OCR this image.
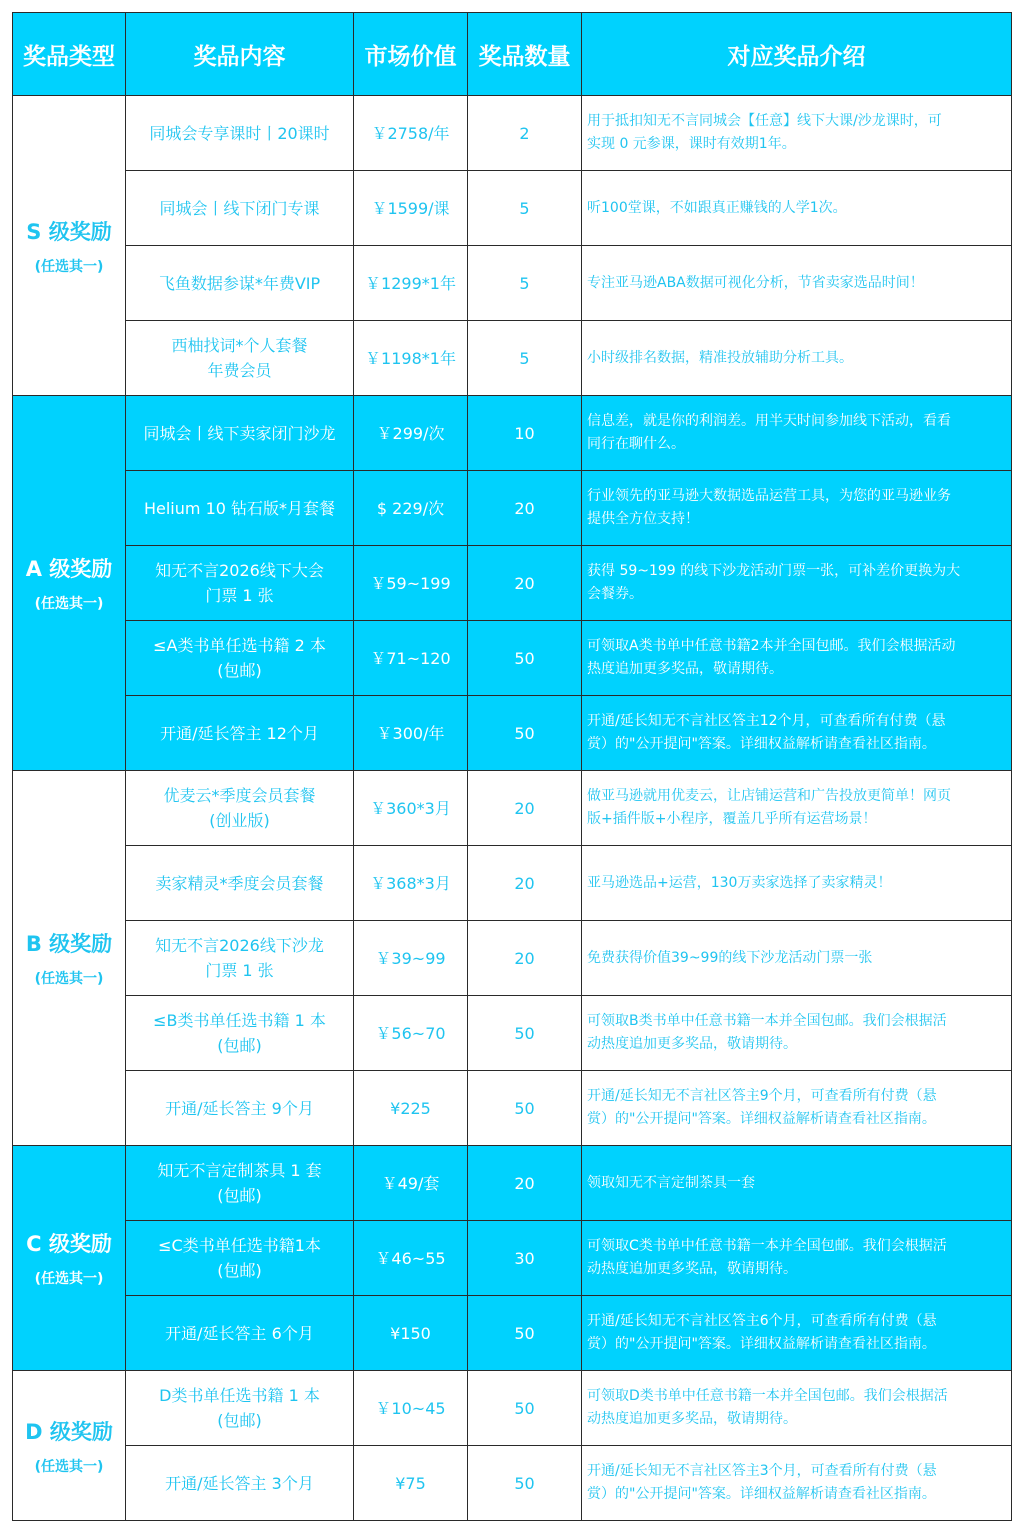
奖品类型	奖品内容	市场价值	奖品数量	对应奖品介绍

S 级奖励
(任选其一)	同城会专享课时丨20课时	￥2758/年	2	用于抵扣知无不言同城会【任意】线下大课/沙龙课时，可
实现 0 元参课，课时有效期1年。

	同城会丨线下闭门专课	￥1599/课	5	听100堂课，不如跟真正赚钱的人学1次。

	飞鱼数据参谋*年费VIP	￥1299*1年	5	专注亚马逊ABA数据可视化分析，节省卖家选品时间！

	西柚找词*个人套餐
年费会员	￥1198*1年	5	小时级排名数据，精准投放辅助分析工具。

A 级奖励
(任选其一)	同城会丨线下卖家闭门沙龙	￥299/次	10	信息差，就是你的利润差。用半天时间参加线下活动，看看
同行在聊什么。

	Helium 10 钻石版*月套餐	$ 229/次	20	行业领先的亚马逊大数据选品运营工具，为您的亚马逊业务
提供全方位支持！

	知无不言2026线下大会
门票 1 张	￥59~199	20	获得 59~199 的线下沙龙活动门票一张，可补差价更换为大
会餐券。

	≤A类书单任选书籍 2 本
(包邮)	￥71~120	50	可领取A类书单中任意书籍2本并全国包邮。我们会根据活动
热度追加更多奖品，敬请期待。

	开通/延长答主 12个月	￥300/年	50	开通/延长知无不言社区答主12个月，可查看所有付费（悬
赏）的"公开提问"答案。详细权益解析请查看社区指南。

B 级奖励
(任选其一)	优麦云*季度会员套餐
(创业版)	￥360*3月	20	做亚马逊就用优麦云，让店铺运营和广告投放更简单！网页
版+插件版+小程序，覆盖几乎所有运营场景！

	卖家精灵*季度会员套餐	￥368*3月	20	亚马逊选品+运营，130万卖家选择了卖家精灵！

	知无不言2026线下沙龙
门票 1 张	￥39~99	20	免费获得价值39~99的线下沙龙活动门票一张

	≤B类书单任选书籍 1 本
(包邮)	￥56~70	50	可领取B类书单中任意书籍一本并全国包邮。我们会根据活
动热度追加更多奖品，敬请期待。

	开通/延长答主 9个月	¥225	50	开通/延长知无不言社区答主9个月，可查看所有付费（悬
赏）的"公开提问"答案。详细权益解析请查看社区指南。

C 级奖励
(任选其一)	知无不言定制茶具 1 套
(包邮)	￥49/套	20	领取知无不言定制茶具一套

	≤C类书单任选书籍1本
(包邮)	￥46~55	30	可领取C类书单中任意书籍一本并全国包邮。我们会根据活
动热度追加更多奖品，敬请期待。

	开通/延长答主 6个月	¥150	50	开通/延长知无不言社区答主6个月，可查看所有付费（悬
赏）的"公开提问"答案。详细权益解析请查看社区指南。

D 级奖励
(任选其一)	D类书单任选书籍 1 本
(包邮)	￥10~45	50	可领取D类书单中任意书籍一本并全国包邮。我们会根据活
动热度追加更多奖品，敬请期待。

	开通/延长答主 3个月	¥75	50	开通/延长知无不言社区答主3个月，可查看所有付费（悬
赏）的"公开提问"答案。详细权益解析请查看社区指南。
